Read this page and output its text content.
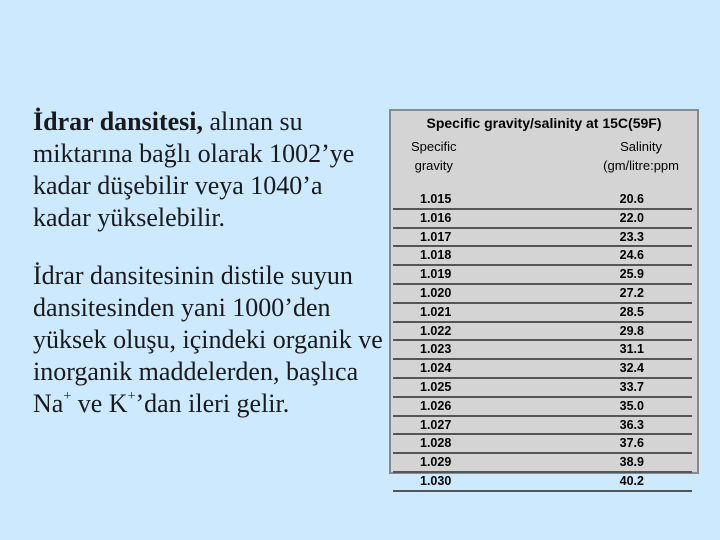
İdrar dansitesi, alınan su miktarına bağlı olarak 1002’ye kadar düşebilir veya 1040’a kadar yükselebilir.

İdrar dansitesinin distile suyun dansitesinden yani 1000’den yüksek oluşu, içindeki organik ve inorganik maddelerden, başlıca Na+ ve K+’dan ileri gelir.

Specific gravity/salinity at 15C(59F)
Specific
gravity
Salinity
(gm/litre:ppm
1.015	20.6
1.016	22.0
1.017	23.3
1.018	24.6
1.019	25.9
1.020	27.2
1.021	28.5
1.022	29.8
1.023	31.1
1.024	32.4
1.025	33.7
1.026	35.0
1.027	36.3
1.028	37.6
1.029	38.9
1.030	40.2
